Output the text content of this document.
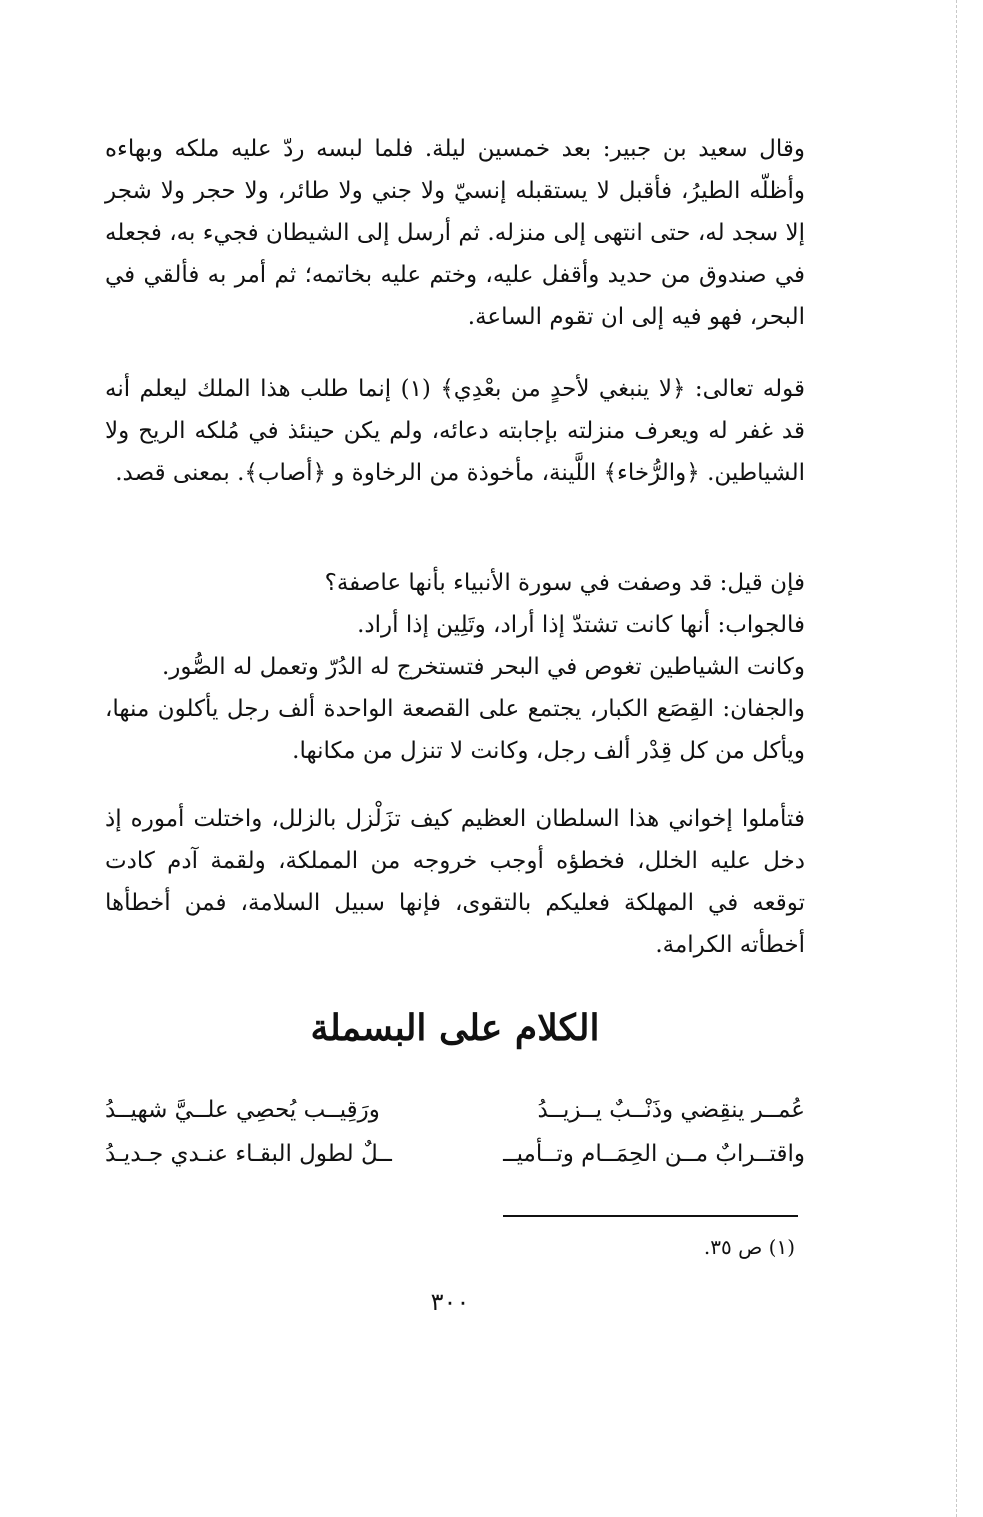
وقال سعيد بن جبير: بعد خمسين ليلة. فلما لبسه ردّ عليه ملكه وبهاءه وأظلّه الطيرُ، فأقبل لا يستقبله إنسيّ ولا جني ولا طائر، ولا حجر ولا شجر إلا سجد له، حتى انتهى إلى منزله. ثم أرسل إلى الشيطان فجيء به، فجعله في صندوق من حديد وأقفل عليه، وختم عليه بخاتمه؛ ثم أمر به فألقي في البحر، فهو فيه إلى ان تقوم الساعة.

قوله تعالى: ﴿لا ينبغي لأحدٍ من بعْدِي﴾ (١) إنما طلب هذا الملك ليعلم أنه قد غفر له ويعرف منزلته بإجابته دعائه، ولم يكن حينئذ في مُلكه الريح ولا الشياطين. ﴿والرُّخاء﴾ اللَّينة، مأخوذة من الرخاوة و ﴿أصاب﴾. بمعنى قصد.

فإن قيل: قد وصفت في سورة الأنبياء بأنها عاصفة؟
فالجواب: أنها كانت تشتدّ إذا أراد، وتَلِين إذا أراد.
وكانت الشياطين تغوص في البحر فتستخرج له الدُرّ وتعمل له الصُّور.

والجفان: القِصَع الكبار، يجتمع على القصعة الواحدة ألف رجل يأكلون منها، ويأكل من كل قِدْر ألف رجل، وكانت لا تنزل من مكانها.

فتأملوا إخواني هذا السلطان العظيم كيف تزَلْزل بالزلل، واختلت أموره إذ دخل عليه الخلل، فخطؤه أوجب خروجه من المملكة، ولقمة آدم كادت توقعه في المهلكة فعليكم بالتقوى، فإنها سبيل السلامة، فمن أخطأها أخطأته الكرامة.

الكلام على البسملة
عُمــر ينقِضي وذَنْــبٌ يــزيــدُ
ورَقِيــب يُحصِي علــيَّ شهيــدُ
واقتــرابٌ مــن الحِمَــام وتــأميــ
ــلٌ لطول البقـاء عنـدي جـديـدُ
(١) ص ٣٥.
٣٠٠
